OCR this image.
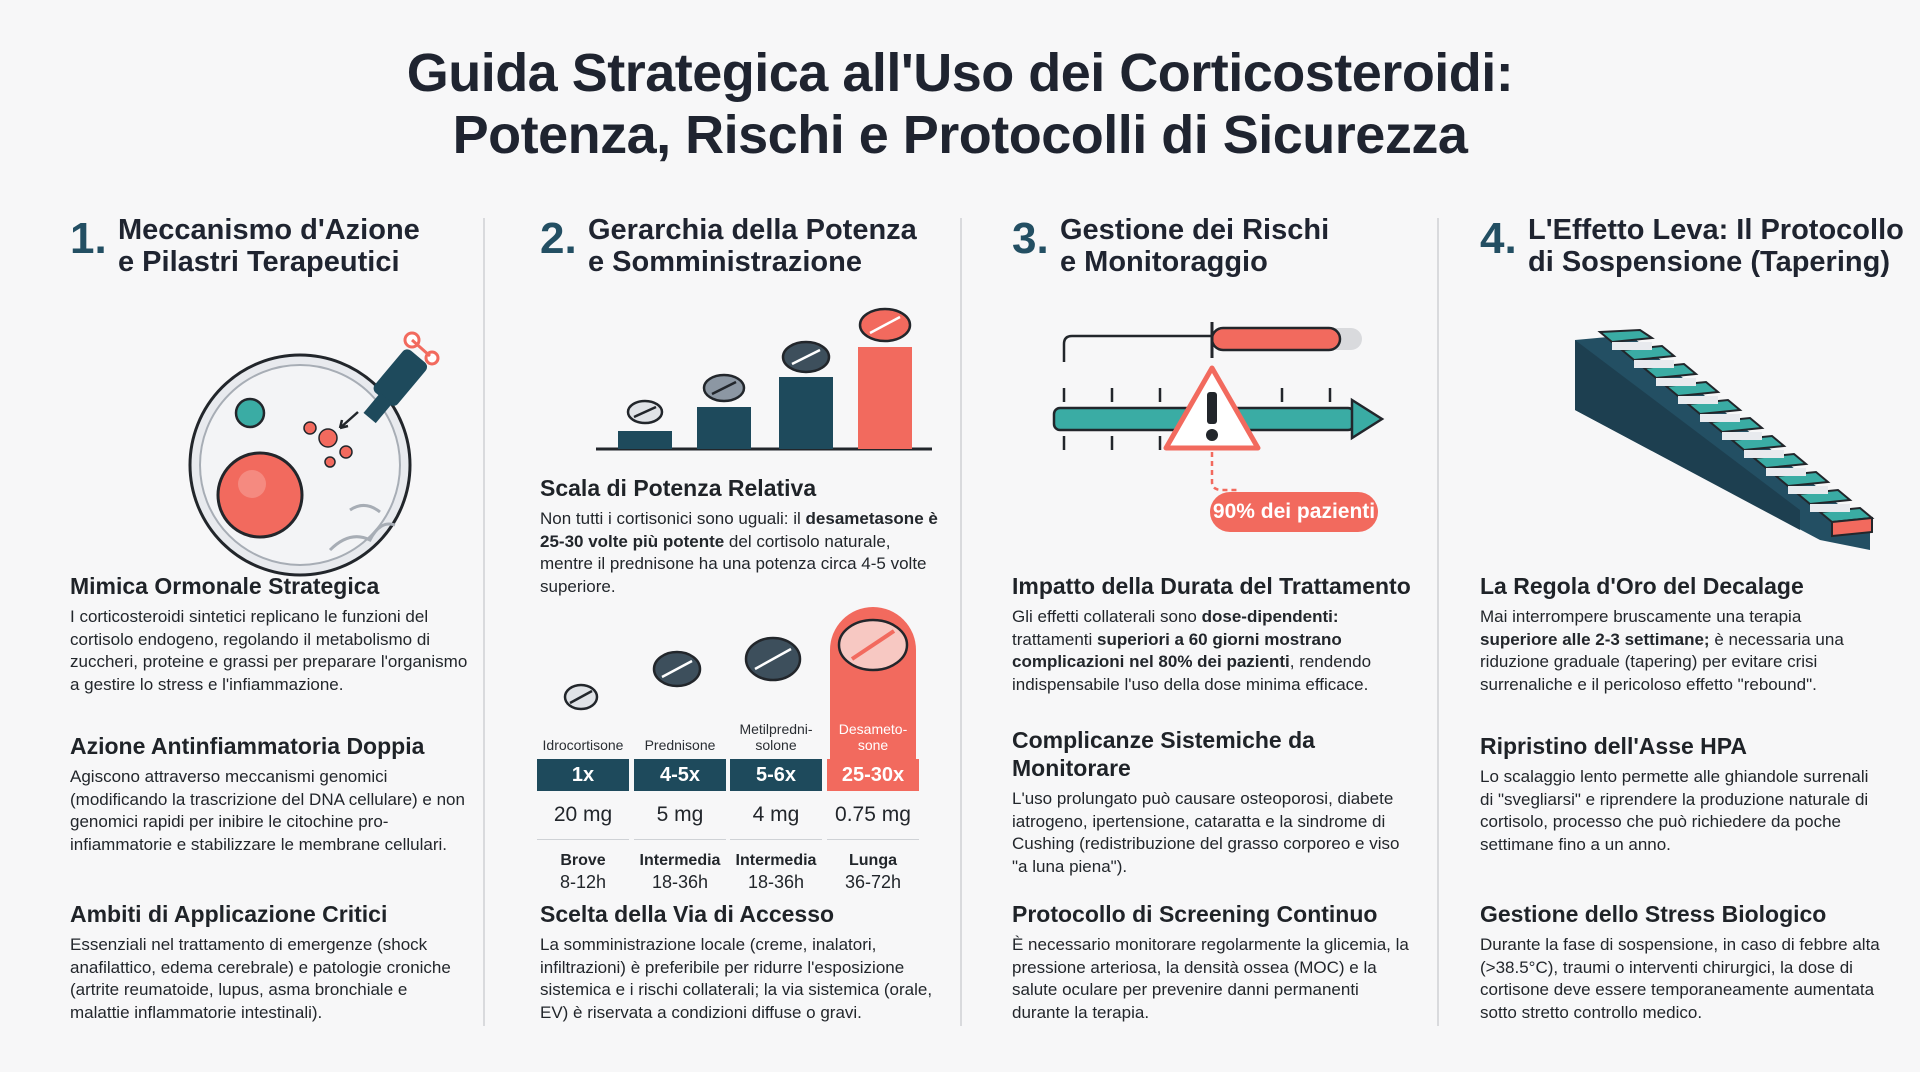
Guida Strategica all'Uso dei Corticosteroidi:
Potenza, Rischi e Protocolli di Sicurezza
1. Meccanismo d'Azione
e Pilastri Terapeutici
Mimica Ormonale Strategica

I corticosteroidi sintetici replicano le funzioni del cortisolo endogeno, regolando il metabolismo di zuccheri, proteine e grassi per preparare l'organismo a gestire lo stress e l'infiammazione.

Azione Antinfiammatoria Doppia

Agiscono attraverso meccanismi genomici (modificando la trascrizione del DNA cellulare) e non genomici rapidi per inibire le citochine pro-infiammatorie e stabilizzare le membrane cellulari.

Ambiti di Applicazione Critici

Essenziali nel trattamento di emergenze (shock anafilattico, edema cerebrale) e patologie croniche (artrite reumatoide, lupus, asma bronchiale e malattie inflammatorie intestinali).

2. Gerarchia della Potenza
e Somministrazione
Scala di Potenza Relativa

Non tutti i cortisonici sono uguali: il desametasone è 25-30 volte più potente del cortisolo naturale, mentre il prednisone ha una potenza circa 4-5 volte superiore.

Idrocortisone
1x
20 mg
Brove
8-12h
Prednisone
4-5x
5 mg
Intermedia
18-36h
Metilpredni-solone
5-6x
4 mg
Intermedia
18-36h
Desameto-sone
25-30x
0.75 mg
Lunga
36-72h
Scelta della Via di Accesso

La somministrazione locale (creme, inalatori, infiltrazioni) è preferibile per ridurre l'esposizione sistemica e i rischi collaterali; la via sistemica (orale, EV) è riservata a condizioni diffuse o gravi.

3. Gestione dei Rischi
e Monitoraggio
90% dei pazienti
Impatto della Durata del Trattamento

Gli effetti collaterali sono dose-dipendenti: trattamenti superiori a 60 giorni mostrano complicazioni nel 80% dei pazienti, rendendo indispensabile l'uso della dose minima efficace.

Complicanze Sistemiche da Monitorare

L'uso prolungato può causare osteoporosi, diabete iatrogeno, ipertensione, cataratta e la sindrome di Cushing (redistribuzione del grasso corporeo e viso "a luna piena").

Protocollo di Screening Continuo

È necessario monitorare regolarmente la glicemia, la pressione arteriosa, la densità ossea (MOC) e la salute oculare per prevenire danni permanenti durante la terapia.

4. L'Effetto Leva: Il Protocollo
di Sospensione (Tapering)
La Regola d'Oro del Decalage

Mai interrompere bruscamente una terapia superiore alle 2-3 settimane; è necessaria una riduzione graduale (tapering) per evitare crisi surrenaliche e il pericoloso effetto "rebound".

Ripristino dell'Asse HPA

Lo scalaggio lento permette alle ghiandole surrenali di "svegliarsi" e riprendere la produzione naturale di cortisolo, processo che può richiedere da poche settimane fino a un anno.

Gestione dello Stress Biologico

Durante la fase di sospensione, in caso di febbre alta (>38.5°C), traumi o interventi chirurgici, la dose di cortisone deve essere temporaneamente aumentata sotto stretto controllo medico.
